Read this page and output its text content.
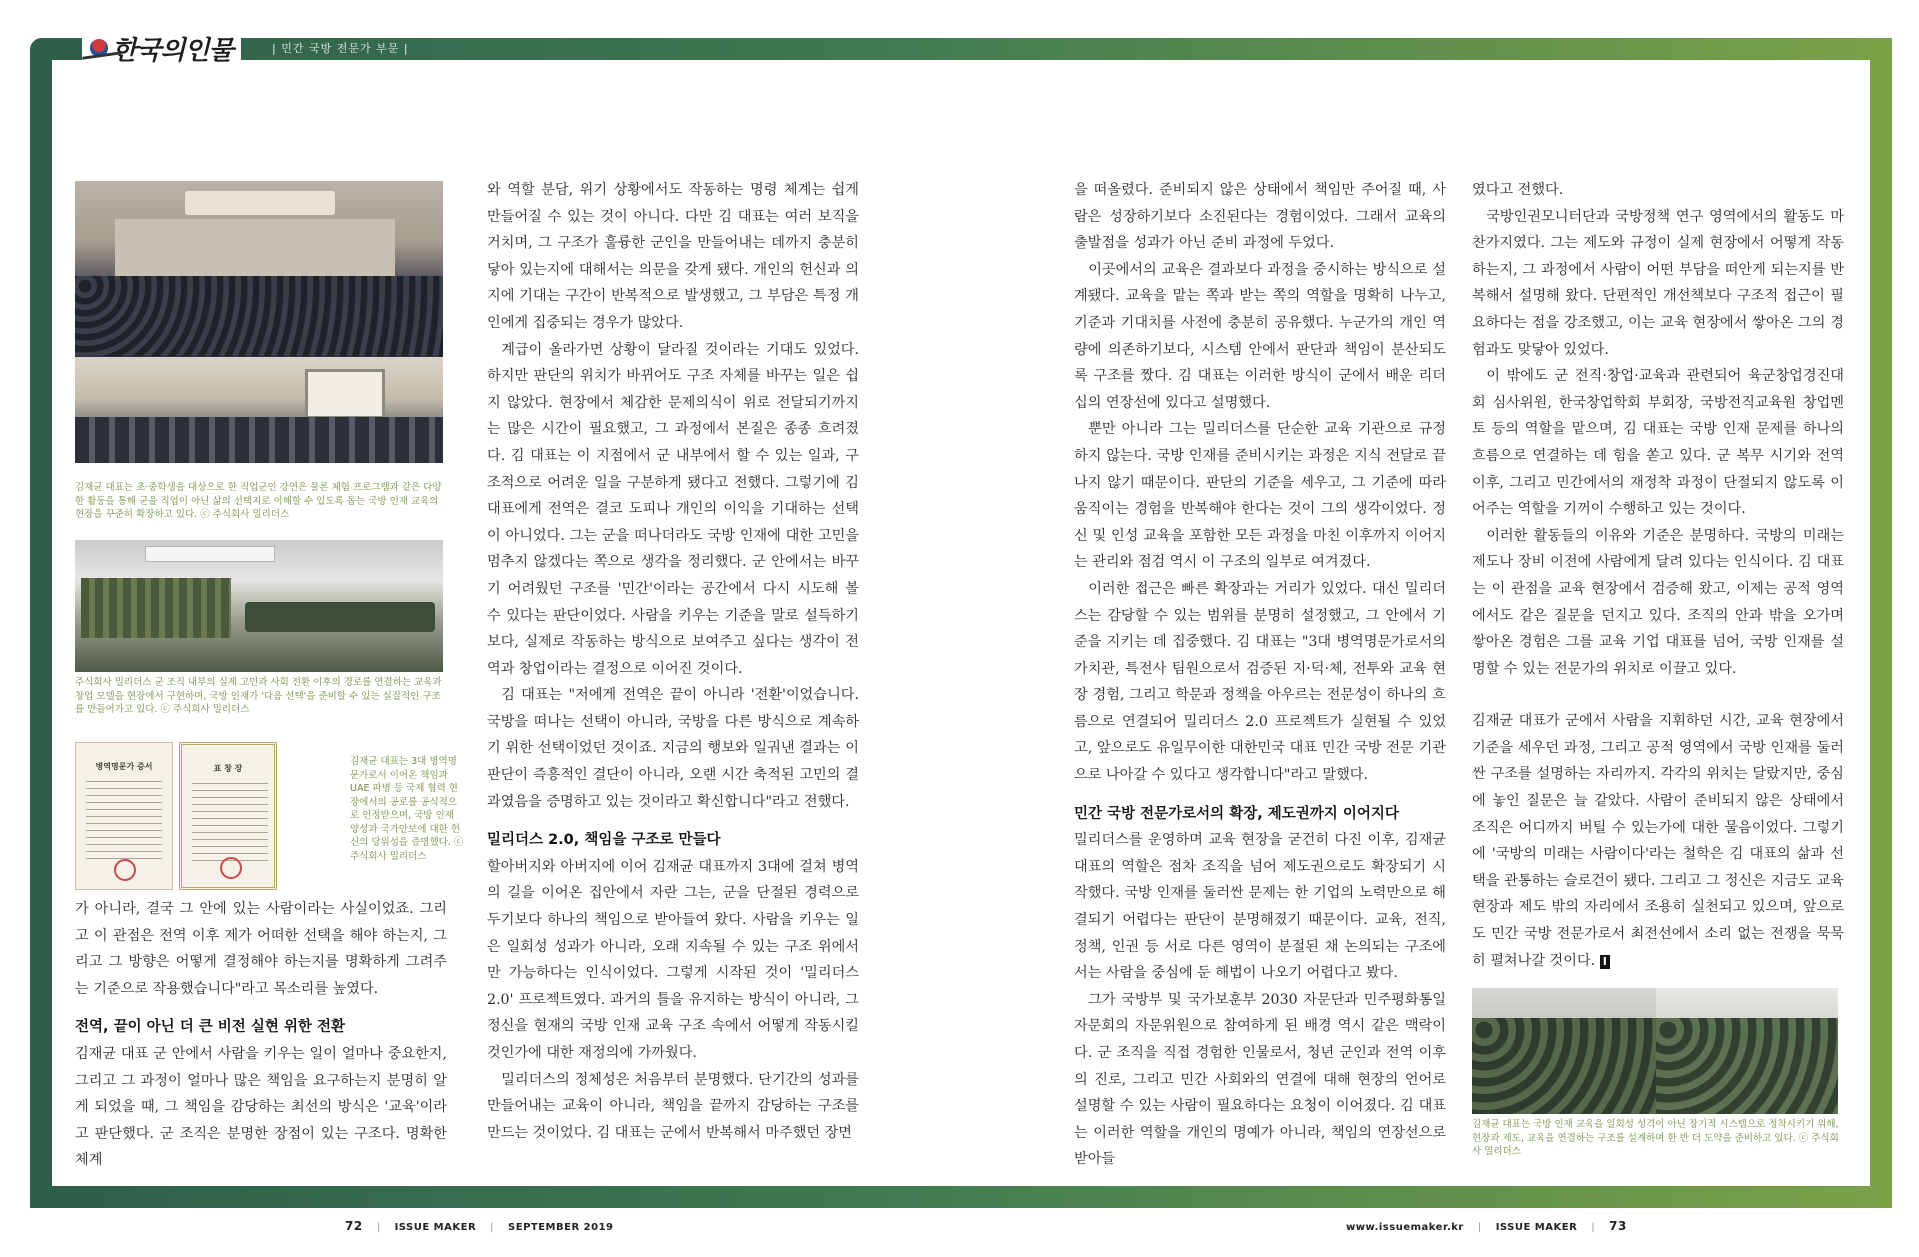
한국의인물	| 민간 국방 전문가 부문 |
김재균 대표는 초·중학생을 대상으로 한 직업군인 강연은 물론 체험 프로그램과 같은 다양한 활동을 통해 군을 직업이 아닌 삶의 선택지로 이해할 수 있도록 돕는 국방 인재 교육의 현장을 꾸준히 확장하고 있다. ⓒ 주식회사 밀리더스
주식회사 밀리더스 군 조직 내부의 실제 고민과 사회 전환 이후의 경로를 연결하는 교육과 창업 모델을 현장에서 구현하며, 국방 인재가 '다음 선택'을 준비할 수 있는 실질적인 구조를 만들어가고 있다. ⓒ 주식회사 밀리더스
병역명문가 증서	표 창 장
김재균 대표는 3대 병역명문가로서 이어온 책임과 UAE 파병 등 국제 협력 현장에서의 공로를 공식적으로 인정받으며, 국방 인재 양성과 국가안보에 대한 헌신의 당위성을 증명했다. ⓒ 주식회사 밀리더스

가 아니라, 결국 그 안에 있는 사람이라는 사실이었죠. 그리고 이 관점은 전역 이후 제가 어떠한 선택을 해야 하는지, 그리고 그 방향은 어떻게 결정해야 하는지를 명확하게 그려주는 기준으로 작용했습니다"라고 목소리를 높였다.

전역, 끝이 아닌 더 큰 비전 실현 위한 전환

김재균 대표 군 안에서 사람을 키우는 일이 얼마나 중요한지, 그리고 그 과정이 얼마나 많은 책임을 요구하는지 분명히 알게 되었을 때, 그 책임을 감당하는 최선의 방식은 '교육'이라고 판단했다. 군 조직은 분명한 장점이 있는 구조다. 명확한 체계

와 역할 분담, 위기 상황에서도 작동하는 명령 체계는 쉽게 만들어질 수 있는 것이 아니다. 다만 김 대표는 여러 보직을 거치며, 그 구조가 훌륭한 군인을 만들어내는 데까지 충분히 닿아 있는지에 대해서는 의문을 갖게 됐다. 개인의 헌신과 의지에 기대는 구간이 반복적으로 발생했고, 그 부담은 특정 개인에게 집중되는 경우가 많았다.

계급이 올라가면 상황이 달라질 것이라는 기대도 있었다. 하지만 판단의 위치가 바뀌어도 구조 자체를 바꾸는 일은 쉽지 않았다. 현장에서 체감한 문제의식이 위로 전달되기까지는 많은 시간이 필요했고, 그 과정에서 본질은 종종 흐려졌다. 김 대표는 이 지점에서 군 내부에서 할 수 있는 일과, 구조적으로 어려운 일을 구분하게 됐다고 전했다. 그렇기에 김 대표에게 전역은 결코 도피나 개인의 이익을 기대하는 선택이 아니었다. 그는 군을 떠나더라도 국방 인재에 대한 고민을 멈추지 않겠다는 쪽으로 생각을 정리했다. 군 안에서는 바꾸기 어려웠던 구조를 '민간'이라는 공간에서 다시 시도해 볼 수 있다는 판단이었다. 사람을 키우는 기준을 말로 설득하기보다, 실제로 작동하는 방식으로 보여주고 싶다는 생각이 전역과 창업이라는 결정으로 이어진 것이다.

김 대표는 "저에게 전역은 끝이 아니라 '전환'이었습니다. 국방을 떠나는 선택이 아니라, 국방을 다른 방식으로 계속하기 위한 선택이었던 것이죠. 지금의 행보와 일궈낸 결과는 이 판단이 즉흥적인 결단이 아니라, 오랜 시간 축적된 고민의 결과였음을 증명하고 있는 것이라고 확신합니다"라고 전했다.

밀리더스 2.0, 책임을 구조로 만들다

할아버지와 아버지에 이어 김재균 대표까지 3대에 걸쳐 병역의 길을 이어온 집안에서 자란 그는, 군을 단절된 경력으로 두기보다 하나의 책임으로 받아들여 왔다. 사람을 키우는 일은 일회성 성과가 아니라, 오래 지속될 수 있는 구조 위에서만 가능하다는 인식이었다. 그렇게 시작된 것이 '밀리더스 2.0' 프로젝트였다. 과거의 틀을 유지하는 방식이 아니라, 그 정신을 현재의 국방 인재 교육 구조 속에서 어떻게 작동시킬 것인가에 대한 재정의에 가까웠다.

밀리더스의 정체성은 처음부터 분명했다. 단기간의 성과를 만들어내는 교육이 아니라, 책임을 끝까지 감당하는 구조를 만드는 것이었다. 김 대표는 군에서 반복해서 마주했던 장면

을 떠올렸다. 준비되지 않은 상태에서 책임만 주어질 때, 사람은 성장하기보다 소진된다는 경험이었다. 그래서 교육의 출발점을 성과가 아닌 준비 과정에 두었다.

이곳에서의 교육은 결과보다 과정을 중시하는 방식으로 설계됐다. 교육을 맡는 쪽과 받는 쪽의 역할을 명확히 나누고, 기준과 기대치를 사전에 충분히 공유했다. 누군가의 개인 역량에 의존하기보다, 시스템 안에서 판단과 책임이 분산되도록 구조를 짰다. 김 대표는 이러한 방식이 군에서 배운 리더십의 연장선에 있다고 설명했다.

뿐만 아니라 그는 밀리더스를 단순한 교육 기관으로 규정하지 않는다. 국방 인재를 준비시키는 과정은 지식 전달로 끝나지 않기 때문이다. 판단의 기준을 세우고, 그 기준에 따라 움직이는 경험을 반복해야 한다는 것이 그의 생각이었다. 정신 및 인성 교육을 포함한 모든 과정을 마친 이후까지 이어지는 관리와 점검 역시 이 구조의 일부로 여겨졌다.

이러한 접근은 빠른 확장과는 거리가 있었다. 대신 밀리더스는 감당할 수 있는 범위를 분명히 설정했고, 그 안에서 기준을 지키는 데 집중했다. 김 대표는 "3대 병역명문가로서의 가치관, 특전사 팀원으로서 검증된 지·덕·체, 전투와 교육 현장 경험, 그리고 학문과 정책을 아우르는 전문성이 하나의 흐름으로 연결되어 밀리더스 2.0 프로젝트가 실현될 수 있었고, 앞으로도 유일무이한 대한민국 대표 민간 국방 전문 기관으로 나아갈 수 있다고 생각합니다"라고 말했다.

민간 국방 전문가로서의 확장, 제도권까지 이어지다

밀리더스를 운영하며 교육 현장을 굳건히 다진 이후, 김재균 대표의 역할은 점차 조직을 넘어 제도권으로도 확장되기 시작했다. 국방 인재를 둘러싼 문제는 한 기업의 노력만으로 해결되기 어렵다는 판단이 분명해졌기 때문이다. 교육, 전직, 정책, 인권 등 서로 다른 영역이 분절된 채 논의되는 구조에서는 사람을 중심에 둔 해법이 나오기 어렵다고 봤다.

그가 국방부 및 국가보훈부 2030 자문단과 민주평화통일자문회의 자문위원으로 참여하게 된 배경 역시 같은 맥락이다. 군 조직을 직접 경험한 인물로서, 청년 군인과 전역 이후의 진로, 그리고 민간 사회와의 연결에 대해 현장의 언어로 설명할 수 있는 사람이 필요하다는 요청이 이어졌다. 김 대표는 이러한 역할을 개인의 명예가 아니라, 책임의 연장선으로 받아들

였다고 전했다.

국방인권모니터단과 국방정책 연구 영역에서의 활동도 마찬가지였다. 그는 제도와 규정이 실제 현장에서 어떻게 작동하는지, 그 과정에서 사람이 어떤 부담을 떠안게 되는지를 반복해서 설명해 왔다. 단편적인 개선책보다 구조적 접근이 필요하다는 점을 강조했고, 이는 교육 현장에서 쌓아온 그의 경험과도 맞닿아 있었다.

이 밖에도 군 전직·창업·교육과 관련되어 육군창업경진대회 심사위원, 한국창업학회 부회장, 국방전직교육원 창업멘토 등의 역할을 맡으며, 김 대표는 국방 인재 문제를 하나의 흐름으로 연결하는 데 힘을 쏟고 있다. 군 복무 시기와 전역 이후, 그리고 민간에서의 재정착 과정이 단절되지 않도록 이어주는 역할을 기꺼이 수행하고 있는 것이다.

이러한 활동들의 이유와 기준은 분명하다. 국방의 미래는 제도나 장비 이전에 사람에게 달려 있다는 인식이다. 김 대표는 이 관점을 교육 현장에서 검증해 왔고, 이제는 공적 영역에서도 같은 질문을 던지고 있다. 조직의 안과 밖을 오가며 쌓아온 경험은 그를 교육 기업 대표를 넘어, 국방 인재를 설명할 수 있는 전문가의 위치로 이끌고 있다.

김재균 대표가 군에서 사람을 지휘하던 시간, 교육 현장에서 기준을 세우던 과정, 그리고 공적 영역에서 국방 인재를 둘러싼 구조를 설명하는 자리까지. 각각의 위치는 달랐지만, 중심에 놓인 질문은 늘 같았다. 사람이 준비되지 않은 상태에서 조직은 어디까지 버틸 수 있는가에 대한 물음이었다. 그렇기에 '국방의 미래는 사람이다'라는 철학은 김 대표의 삶과 선택을 관통하는 슬로건이 됐다. 그리고 그 정신은 지금도 교육 현장과 제도 밖의 자리에서 조용히 실천되고 있으며, 앞으로도 민간 국방 전문가로서 최전선에서 소리 없는 전쟁을 묵묵히 펼쳐나갈 것이다. I

김재균 대표는 국방 인재 교육을 일회성 성격이 아닌 장기적 시스템으로 정착시키기 위해, 현장과 제도, 교육을 연결하는 구조를 설계하며 한 반 더 도약을 준비하고 있다. ⓒ 주식회사 밀리더스
72 | ISSUE MAKER | SEPTEMBER 2019	www.issuemaker.kr | ISSUE MAKER | 73
